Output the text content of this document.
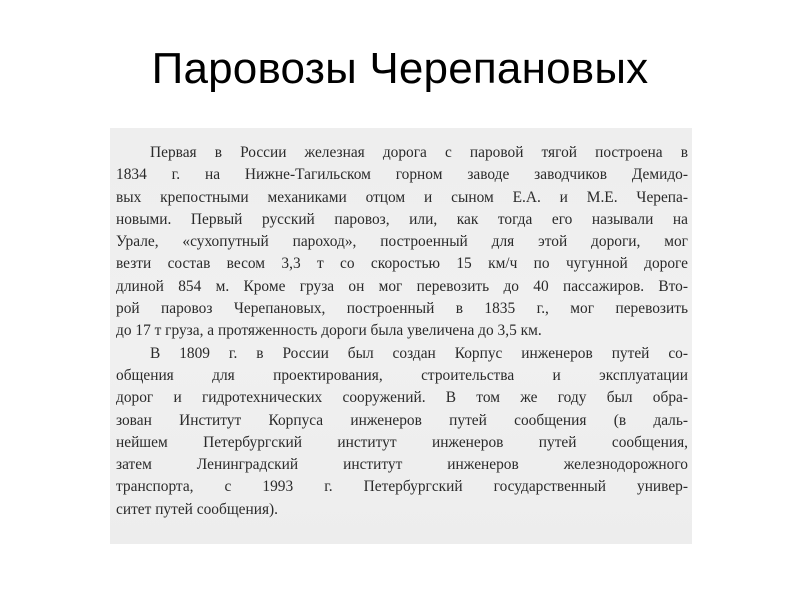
Паровозы Черепановых
Первая в России железная дорога с паровой тягой построена в
1834 г. на Нижне-Тагильском горном заводе заводчиков Демидо-
вых крепостными механиками отцом и сыном Е.А. и М.Е. Черепа-
новыми. Первый русский паровоз, или, как тогда его называли на
Урале, «сухопутный пароход», построенный для этой дороги, мог
везти состав весом 3,3 т со скоростью 15 км/ч по чугунной дороге
длиной 854 м. Кроме груза он мог перевозить до 40 пассажиров. Вто-
рой паровоз Черепановых, построенный в 1835 г., мог перевозить
до 17 т груза, а протяженность дороги была увеличена до 3,5 км.
В 1809 г. в России был создан Корпус инженеров путей со-
общения для проектирования, строительства и эксплуатации
дорог и гидротехнических сооружений. В том же году был обра-
зован Институт Корпуса инженеров путей сообщения (в даль-
нейшем Петербургский институт инженеров путей сообщения,
затем Ленинградский институт инженеров железнодорожного
транспорта, с 1993 г. Петербургский государственный универ-
ситет путей сообщения).
